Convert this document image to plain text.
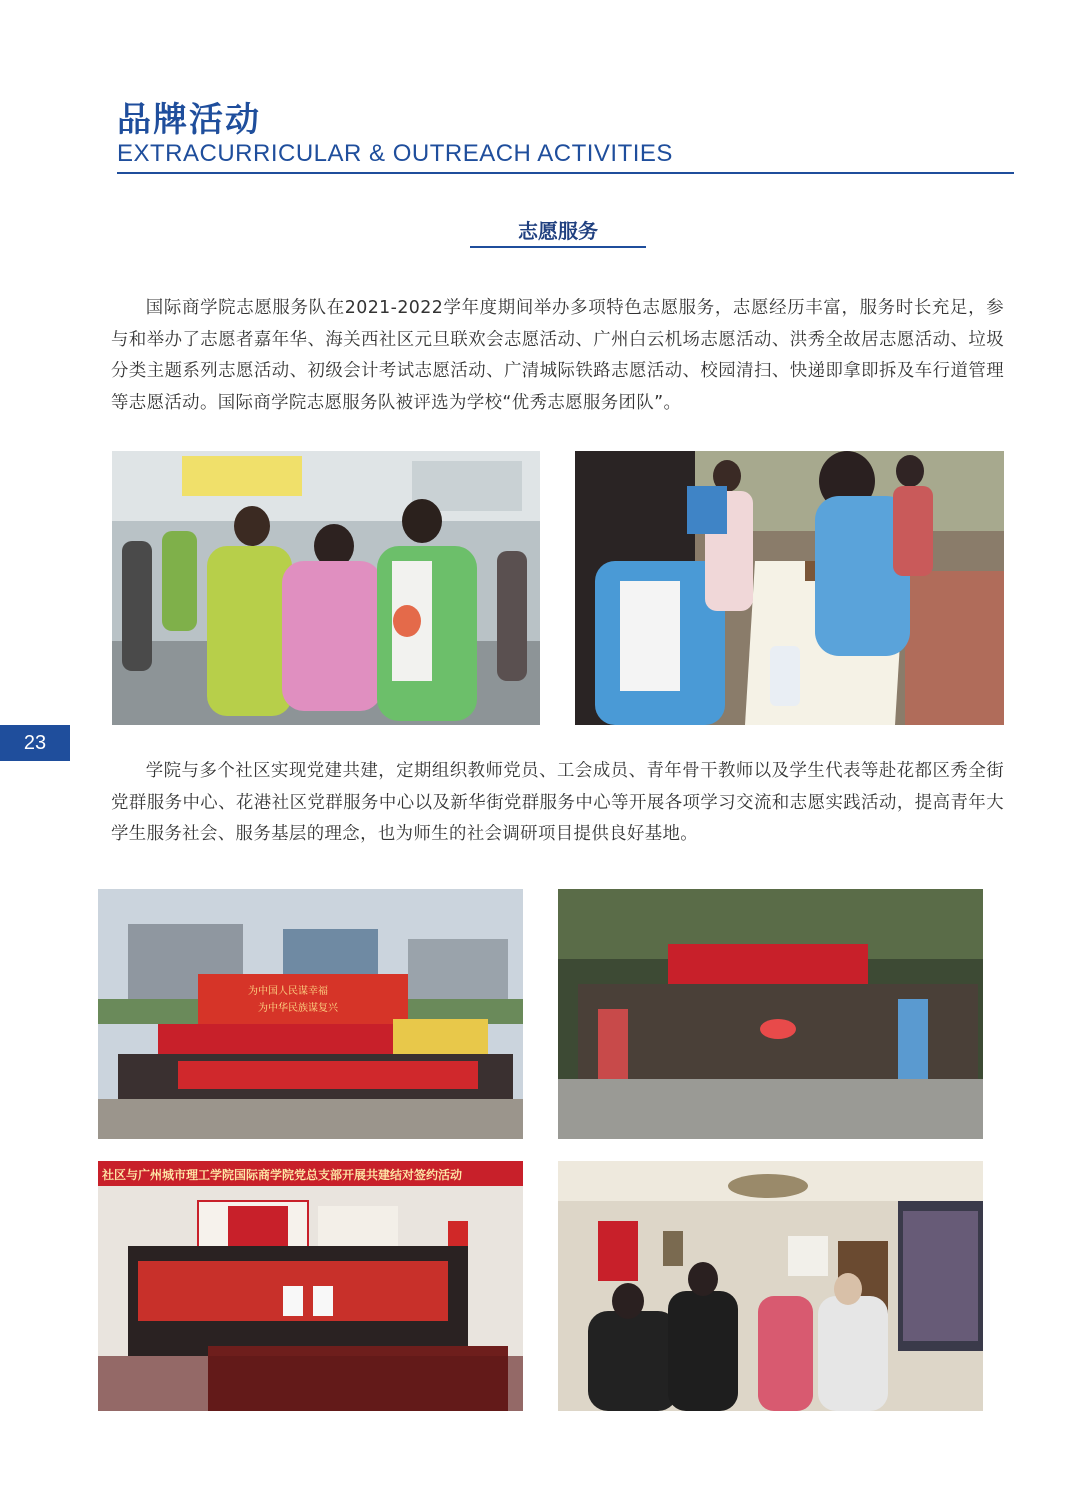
品牌活动
EXTRACURRICULAR & OUTREACH ACTIVITIES
志愿服务

国际商学院志愿服务队在2021-2022学年度期间举办多项特色志愿服务，志愿经历丰富，服务时长充足，参与和举办了志愿者嘉年华、海关西社区元旦联欢会志愿活动、广州白云机场志愿活动、洪秀全故居志愿活动、垃圾分类主题系列志愿活动、初级会计考试志愿活动、广清城际铁路志愿活动、校园清扫、快递即拿即拆及车行道管理等志愿活动。国际商学院志愿服务队被评选为学校“优秀志愿服务团队”。

学院与多个社区实现党建共建，定期组织教师党员、工会成员、青年骨干教师以及学生代表等赴花都区秀全街党群服务中心、花港社区党群服务中心以及新华街党群服务中心等开展各项学习交流和志愿实践活动，提高青年大学生服务社会、服务基层的理念，也为师生的社会调研项目提供良好基地。

为中国人民谋幸福
为中华民族谋复兴
社区与广州城市理工学院国际商学院党总支部开展共建结对签约活动
23
